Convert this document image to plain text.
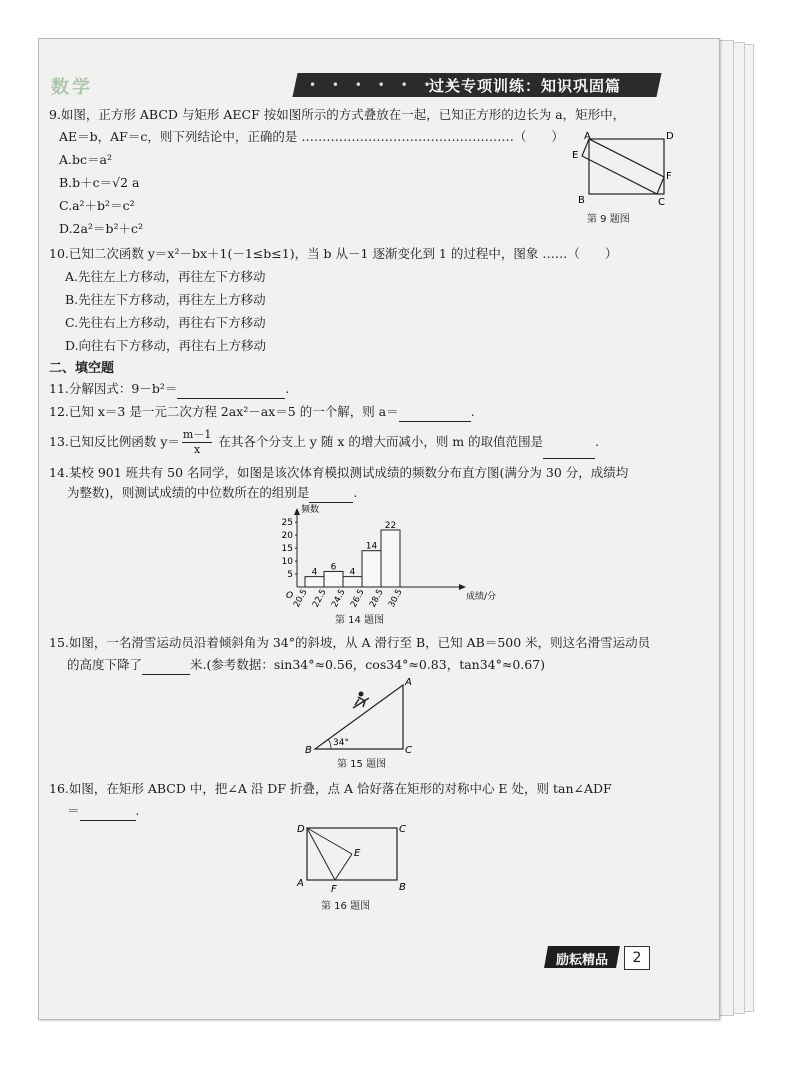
数学	• • • • • • •
过关专项训练：知识巩固篇
9.如图，正方形 ABCD 与矩形 AECF 按如图所示的方式叠放在一起，已知正方形的边长为 a，矩形中，
AE＝b，AF＝c，则下列结论中，正确的是 ……………………………………………（　　）
A.bc＝a²
B.b＋c＝√2 a
C.a²＋b²＝c²
D.2a²＝b²＋c²
A	D
E
F
B	C
第 9 题图
10.已知二次函数 y＝x²－bx＋1(－1≤b≤1)，当 b 从－1 逐渐变化到 1 的过程中，图象 ……（　　）
A.先往左上方移动，再往左下方移动
B.先往左下方移动，再往左上方移动
C.先往右上方移动，再往右下方移动
D.向往右下方移动，再往右上方移动
二、填空题
11.分解因式：9－b²＝	.
12.已知 x＝3 是一元二次方程 2ax²－ax＝5 的一个解，则 a＝	.
13.已知反比例函数 $y= \frac{m-1}{x}$ 在其各个分支上 y 随 x 的增大而减小，则 m 的取值范围是	.
14.某校 901 班共有 50 名同学，如图是该次体育模拟测试成绩的频数分布直方图(满分为 30 分，成绩均
为整数)，则测试成绩的中位数所在的组别是	.
频数
成绩/分
O
5
10
15
20
25
4
6
4
14
22
20.5 22.5 24.5 26.5 28.5 30.5
第 14 题图
15.如图，一名滑雪运动员沿着倾斜角为 34°的斜坡，从 A 滑行至 B，已知 AB＝500 米，则这名滑雪运动员
的高度下降了	米.(参考数据：sin34°≈0.56，cos34°≈0.83，tan34°≈0.67)
A
B	C
34°
第 15 题图
16.如图，在矩形 ABCD 中，把∠A 沿 DF 折叠，点 A 恰好落在矩形的对称中心 E 处，则 tan∠ADF
＝	.
D	C
A	B
F
E
第 16 题图
励耘精品	2
